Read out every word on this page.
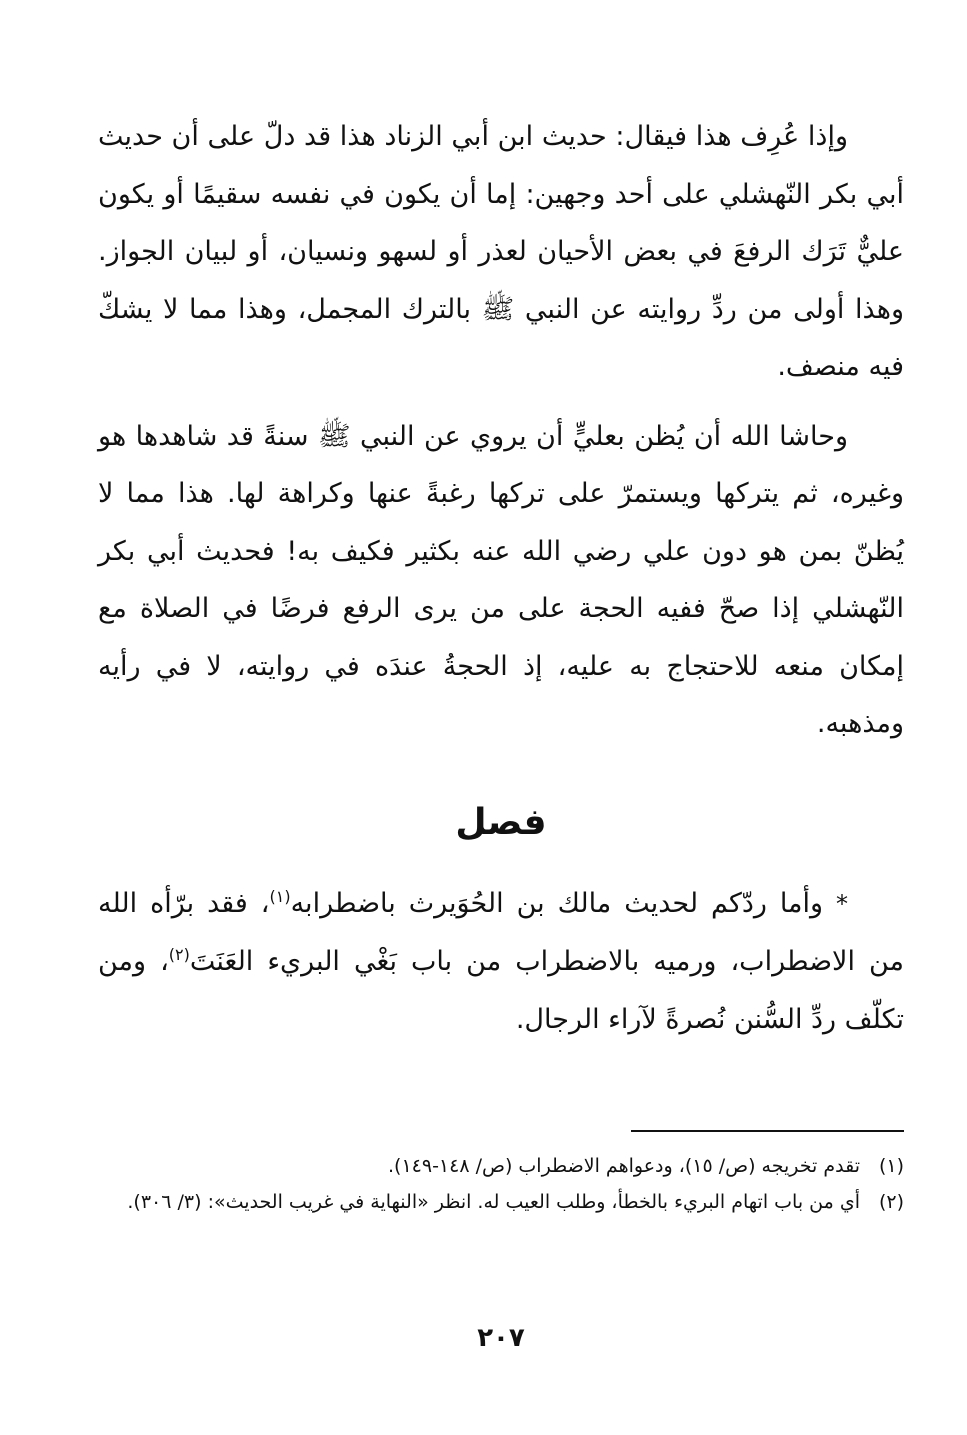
وإذا عُرِف هذا فيقال: حديث ابن أبي الزناد هذا قد دلّ على أن حديث أبي بكر النّهشلي على أحد وجهين: إما أن يكون في نفسه سقيمًا أو يكون عليٌّ تَرَك الرفعَ في بعض الأحيان لعذر أو لسهو ونسيان، أو لبيان الجواز. وهذا أولى من ردِّ روايته عن النبي ﷺ بالترك المجمل، وهذا مما لا يشكّ فيه منصف.

وحاشا الله أن يُظن بعليٍّ أن يروي عن النبي ﷺ سنةً قد شاهدها هو وغيره، ثم يتركها ويستمرّ على تركها رغبةً عنها وكراهة لها. هذا مما لا يُظنّ بمن هو دون علي رضي الله عنه بكثير فكيف به! فحديث أبي بكر النّهشلي إذا صحّ ففيه الحجة على من يرى الرفع فرضًا في الصلاة مع إمكان منعه للاحتجاج به عليه، إذ الحجةُ عندَه في روايته، لا في رأيه ومذهبه.

فصل

* وأما ردّكم لحديث مالك بن الحُوَيرث باضطرابه$^{(١)}$، فقد برّأه الله من الاضطراب، ورميه بالاضطراب من باب بَغْي البريء العَنَتَ$^{(٢)}$، ومن تكلّف ردِّ السُّنن نُصرةً لآراء الرجال.

(١)
تقدم تخريجه (ص/ ١٥)، ودعواهم الاضطراب (ص/ ١٤٨-١٤٩).
(٢)
أي من باب اتهام البريء بالخطأ، وطلب العيب له. انظر «النهاية في غريب الحديث»: (٣/ ٣٠٦).
٢٠٧
